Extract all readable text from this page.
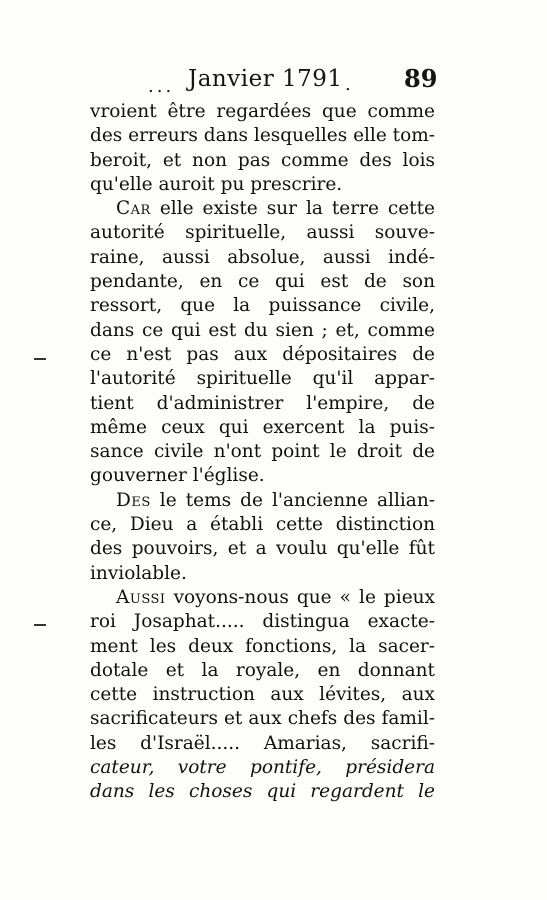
... Janvier 1791 . 89
vroient être regardées que comme
des erreurs dans lesquelles elle tom-
beroit, et non pas comme des lois
qu'elle auroit pu prescrire.
Car elle existe sur la terre cette
autorité spirituelle, aussi souve-
raine, aussi absolue, aussi indé-
pendante, en ce qui est de son
ressort, que la puissance civile,
dans ce qui est du sien ; et, comme
ce n'est pas aux dépositaires de
l'autorité spirituelle qu'il appar-
tient d'administrer l'empire, de
même ceux qui exercent la puis-
sance civile n'ont point le droit de
gouverner l'église.
Des le tems de l'ancienne allian-
ce, Dieu a établi cette distinction
des pouvoirs, et a voulu qu'elle fût
inviolable.
Aussi voyons-nous que « le pieux
roi Josaphat..... distingua exacte-
ment les deux fonctions, la sacer-
dotale et la royale, en donnant
cette instruction aux lévites, aux
sacrificateurs et aux chefs des famil-
les d'Israël..... Amarias, sacrifi-
cateur, votre pontife, présidera
dans les choses qui regardent le
